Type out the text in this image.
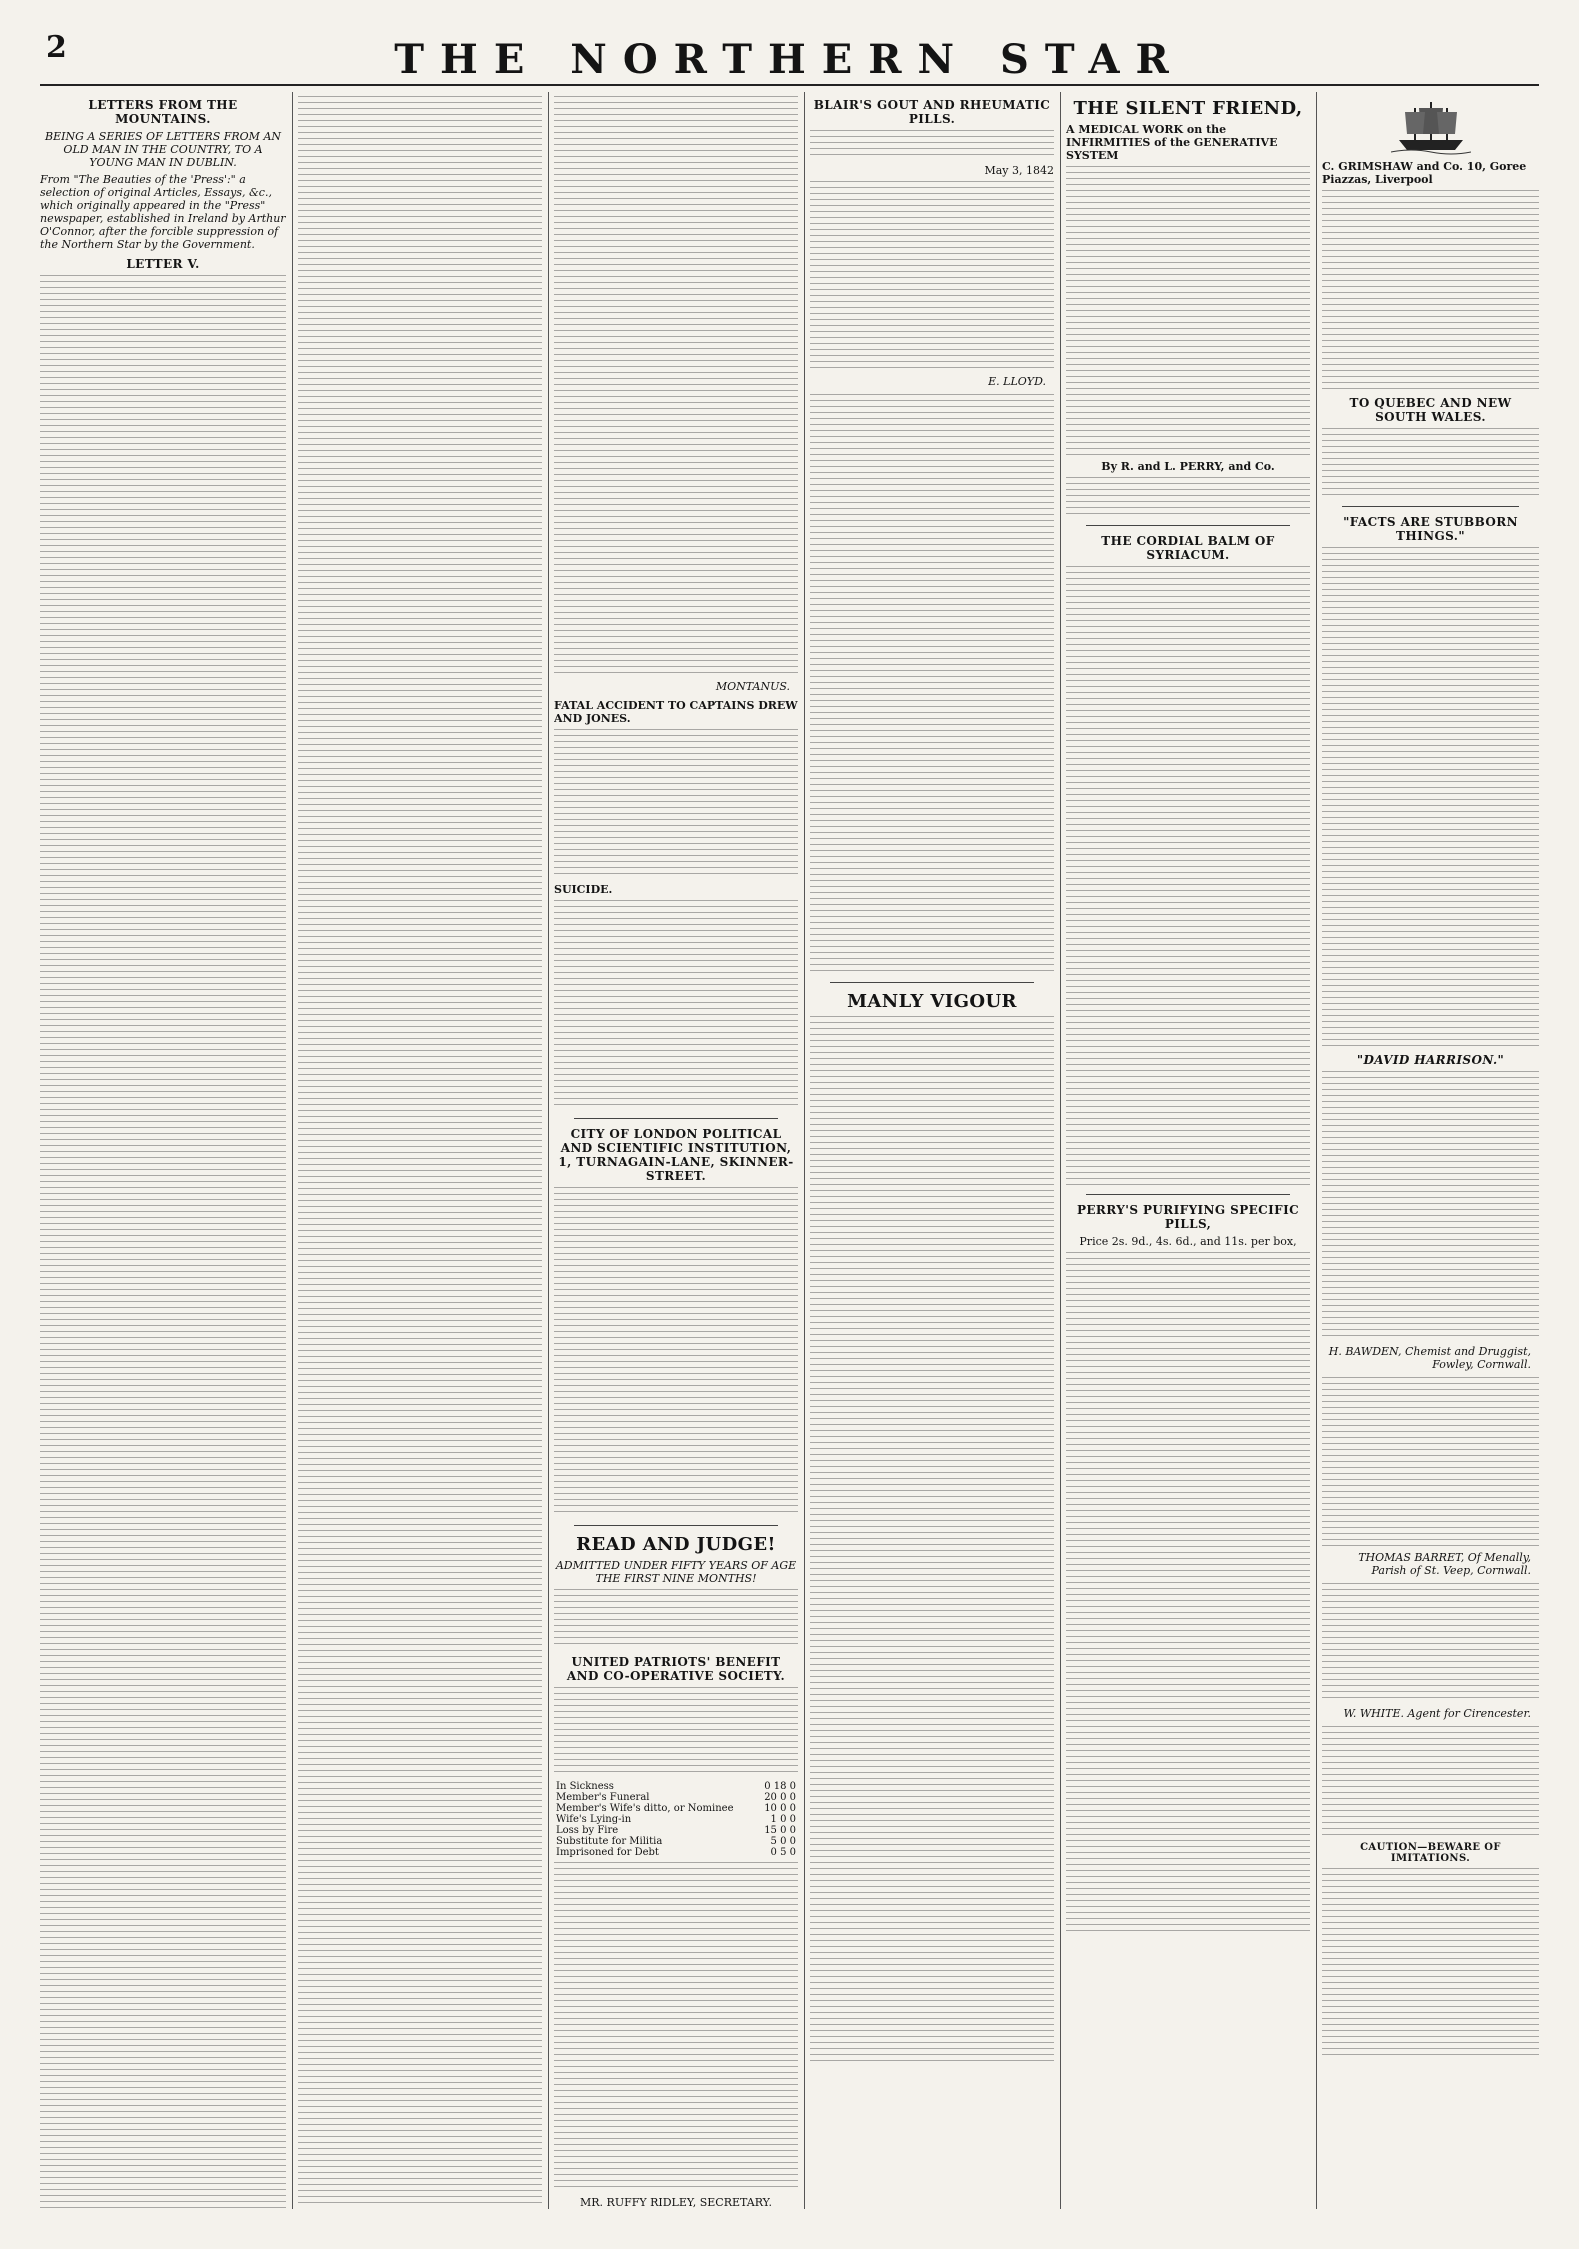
2	THE NORTHERN STAR
LETTERS FROM THE MOUNTAINS.
BEING A SERIES OF LETTERS FROM AN OLD MAN IN THE COUNTRY, TO A YOUNG MAN IN DUBLIN.
From "The Beauties of the 'Press':" a selection of original Articles, Essays, &c., which originally appeared in the "Press" newspaper, established in Ireland by Arthur O'Connor, after the forcible suppression of the Northern Star by the Government.
LETTER V.
MONTANUS.
FATAL ACCIDENT TO CAPTAINS DREW AND JONES.
SUICIDE.
CITY OF LONDON POLITICAL AND SCIENTIFIC INSTITUTION, 1, TURNAGAIN-LANE, SKINNER-STREET.
READ AND JUDGE!
ADMITTED UNDER FIFTY YEARS OF AGE THE FIRST NINE MONTHS!
UNITED PATRIOTS' BENEFIT AND CO-OPERATIVE SOCIETY.
In Sickness	0 18 0
Member's Funeral	20 0 0
Member's Wife's ditto, or Nominee	10 0 0
Wife's Lying-in	1 0 0
Loss by Fire	15 0 0
Substitute for Militia	5 0 0
Imprisoned for Debt	0 5 0
MR. RUFFY RIDLEY, SECRETARY.
BLAIR'S GOUT AND RHEUMATIC PILLS.
May 3, 1842
E. LLOYD.
MANLY VIGOUR
THE SILENT FRIEND,
A MEDICAL WORK on the INFIRMITIES of the GENERATIVE SYSTEM
By R. and L. PERRY, and Co.
THE CORDIAL BALM OF SYRIACUM.
PERRY'S PURIFYING SPECIFIC PILLS,
Price 2s. 9d., 4s. 6d., and 11s. per box,
C. GRIMSHAW and Co. 10, Goree Piazzas, Liverpool
TO QUEBEC AND NEW SOUTH WALES.
"FACTS ARE STUBBORN THINGS."
"DAVID HARRISON."
H. BAWDEN, Chemist and Druggist, Fowley, Cornwall.
THOMAS BARRET, Of Menally, Parish of St. Veep, Cornwall.
W. WHITE. Agent for Cirencester.
CAUTION—BEWARE OF IMITATIONS.
